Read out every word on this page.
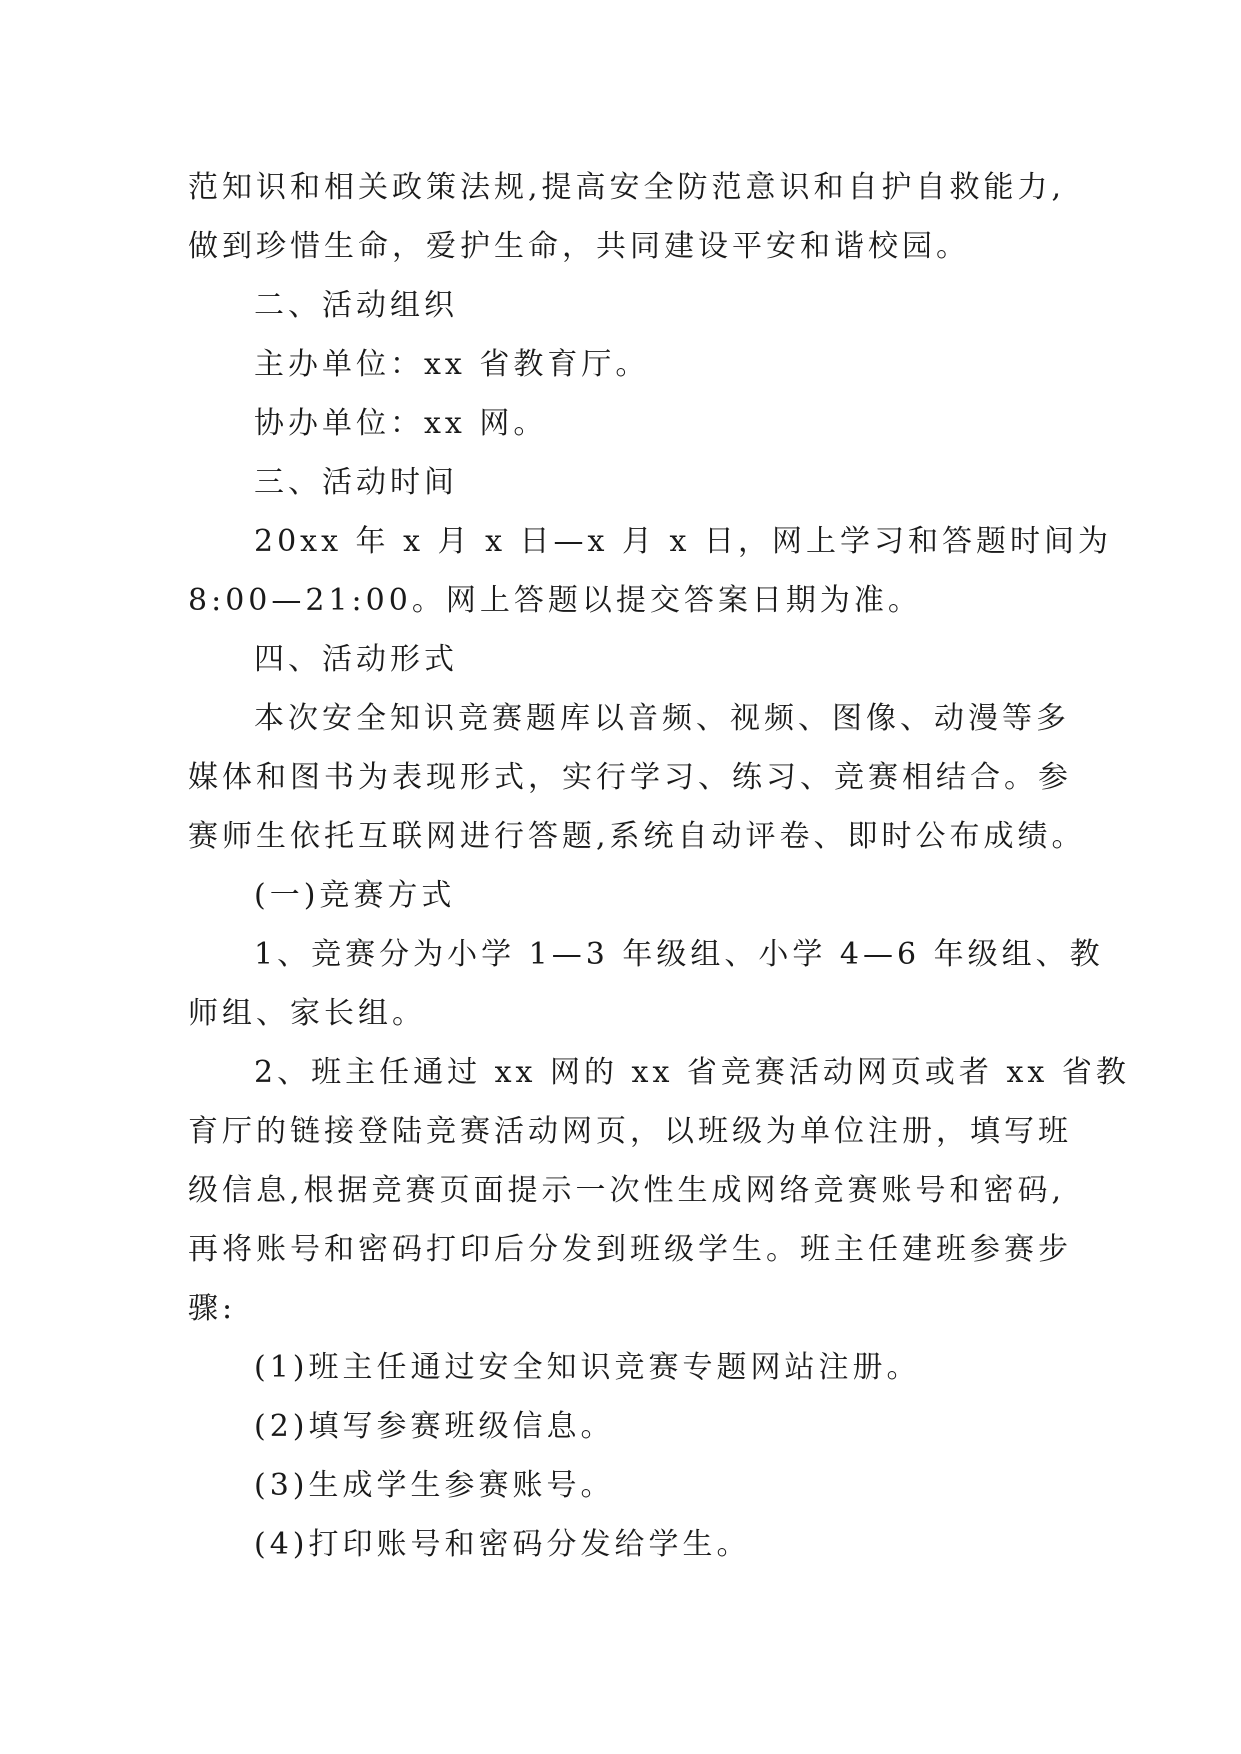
范知识和相关政策法规,提高安全防范意识和自护自救能力,
做到珍惜生命，爱护生命，共同建设平安和谐校园。
二、活动组织
主办单位：xx 省教育厅。
协办单位：xx 网。
三、活动时间
20xx 年 x 月 x 日—x 月 x 日，网上学习和答题时间为
8:00—21:00。网上答题以提交答案日期为准。
四、活动形式
本次安全知识竞赛题库以音频、视频、图像、动漫等多
媒体和图书为表现形式，实行学习、练习、竞赛相结合。参
赛师生依托互联网进行答题,系统自动评卷、即时公布成绩。
(一)竞赛方式
1、竞赛分为小学 1—3 年级组、小学 4—6 年级组、教
师组、家长组。
2、班主任通过 xx 网的 xx 省竞赛活动网页或者 xx 省教
育厅的链接登陆竞赛活动网页，以班级为单位注册，填写班
级信息,根据竞赛页面提示一次性生成网络竞赛账号和密码,
再将账号和密码打印后分发到班级学生。班主任建班参赛步
骤:
(1)班主任通过安全知识竞赛专题网站注册。
(2)填写参赛班级信息。
(3)生成学生参赛账号。
(4)打印账号和密码分发给学生。
